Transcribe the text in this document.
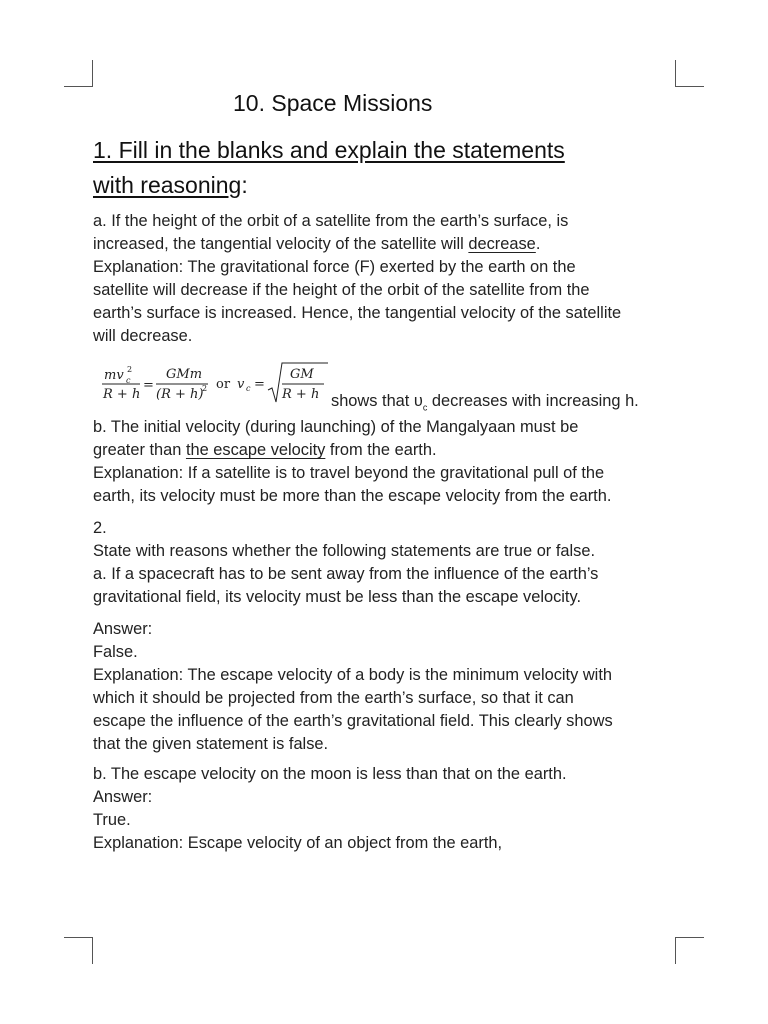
10. Space Missions
1. Fill in the blanks and explain the statements
with reasoning:
a. If the height of the orbit of a satellite from the earth’s surface, is
increased, the tangential velocity of the satellite will decrease.
Explanation: The gravitational force (F) exerted by the earth on the
satellite will decrease if the height of the orbit of the satellite from the
earth’s surface is increased. Hence, the tangential velocity of the satellite
will decrease.
mv c
2
R + h
=
GMm
(R + h)
2 or v c =
GM
R + h shows that $\upsilon_c$ decreases with increasing h.
b. The initial velocity (during launching) of the Mangalyaan must be
greater than the escape velocity from the earth.
Explanation: If a satellite is to travel beyond the gravitational pull of the
earth, its velocity must be more than the escape velocity from the earth.
2.
State with reasons whether the following statements are true or false.
a. If a spacecraft has to be sent away from the influence of the earth’s
gravitational field, its velocity must be less than the escape velocity.
Answer:
False.
Explanation: The escape velocity of a body is the minimum velocity with
which it should be projected from the earth’s surface, so that it can
escape the influence of the earth’s gravitational field. This clearly shows
that the given statement is false.
b. The escape velocity on the moon is less than that on the earth.
Answer:
True.
Explanation: Escape velocity of an object from the earth,
